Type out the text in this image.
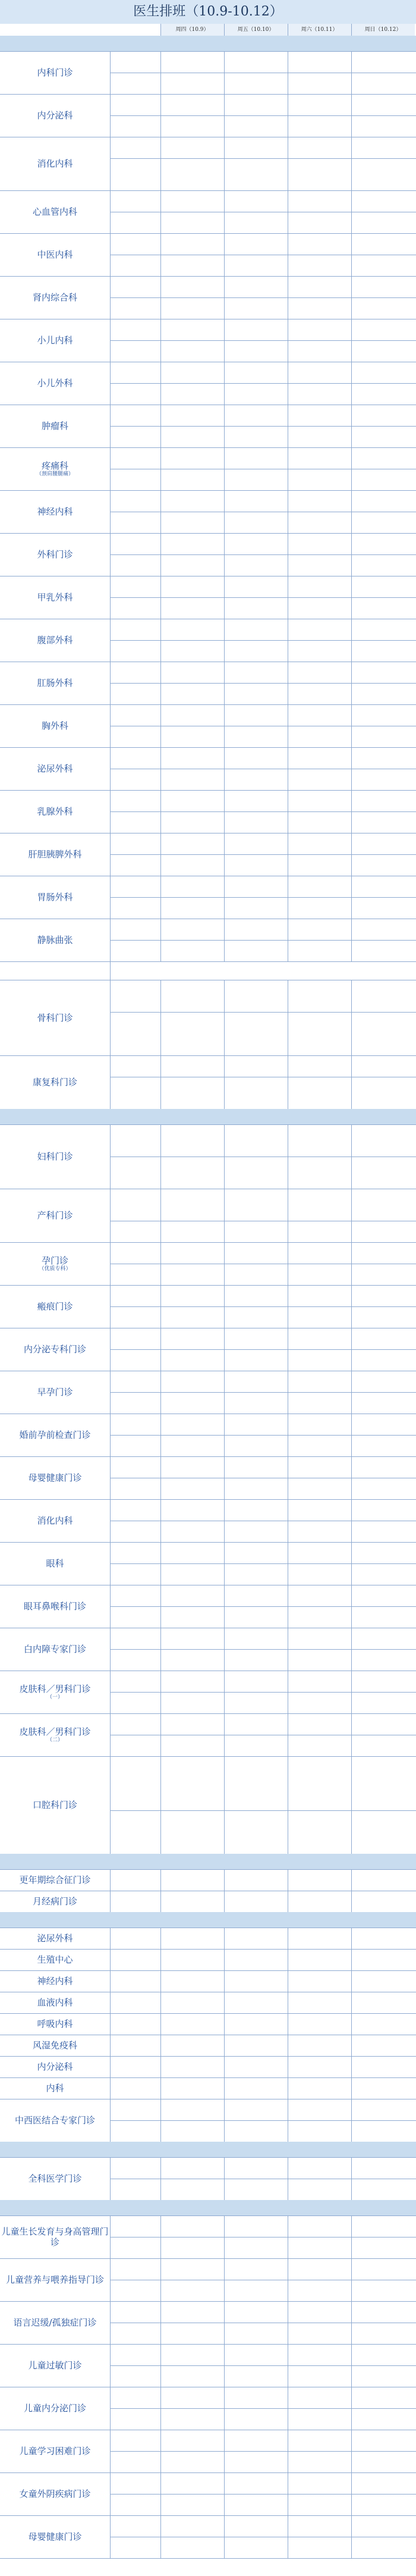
医生排班（10.9-10.12）
周四（10.9）	周五（10.10）	周六（10.11）	周日（10.12）
内科门诊
内分泌科
消化内科
心血管内科
中医内科
肾内综合科
小儿内科
小儿外科
肿瘤科
疼痛科
（颈肩腰腿痛）
神经内科
外科门诊
甲乳外科
腹部外科
肛肠外科
胸外科
泌尿外科
乳腺外科
肝胆胰脾外科
胃肠外科
静脉曲张
骨科门诊
康复科门诊
妇科门诊
产科门诊
孕门诊
（优质专科）
瘢痕门诊
内分泌专科门诊
早孕门诊
婚前孕前检查门诊
母婴健康门诊
消化内科
眼科
眼耳鼻喉科门诊
白内障专家门诊
皮肤科／男科门诊
（一）
皮肤科／男科门诊
（二）
口腔科门诊
更年期综合征门诊
月经病门诊
泌尿外科
生殖中心
神经内科
血液内科
呼吸内科
风湿免疫科
内分泌科
内科
中西医结合专家门诊
全科医学门诊
儿童生长发育与身高管理门诊
儿童营养与喂养指导门诊
语言迟缓/孤独症门诊
儿童过敏门诊
儿童内分泌门诊
儿童学习困难门诊
女童外阴疾病门诊
母婴健康门诊
